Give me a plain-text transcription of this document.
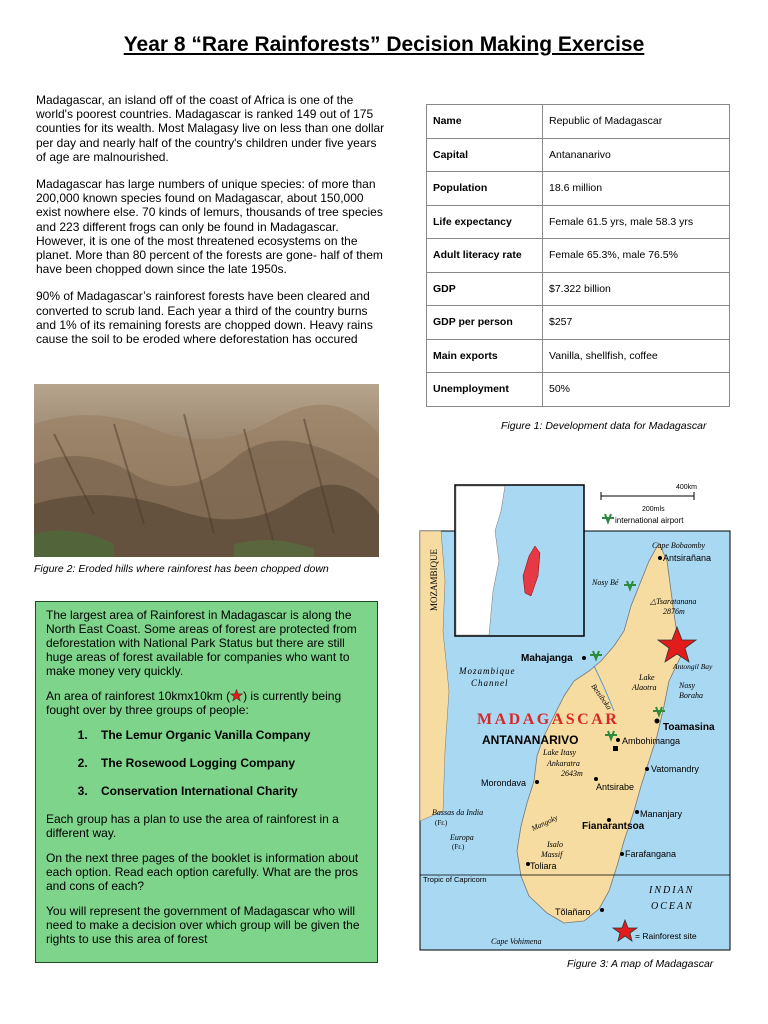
Year 8 “Rare Rainforests” Decision Making Exercise

Madagascar, an island off of the coast of Africa is one of the world's poorest countries. Madagascar is ranked 149 out of 175 counties for its wealth. Most Malagasy live on less than one dollar per day and nearly half of the country's children under five years of age are malnourished.

Madagascar has large numbers of unique species: of more than 200,000 known species found on Madagascar, about 150,000 exist nowhere else. 70 kinds of lemurs, thousands of tree species and 223 different frogs can only be found in Madagascar. However, it is one of the most threatened ecosystems on the planet. More than 80 percent of the forests are gone- half of them have been chopped down since the late 1950s.

90% of Madagascar’s rainforest forests have been cleared and converted to scrub land. Each year a third of the country burns and 1% of its remaining forests are chopped down. Heavy rains cause the soil to be eroded where deforestation has occured

Name	Republic of Madagascar
Capital	Antananarivo
Population	18.6 million
Life expectancy	Female 61.5 yrs, male 58.3 yrs
Adult literacy rate	Female 65.3%, male 76.5%
GDP	$7.322 billion
GDP per person	$257
Main exports	Vanilla, shellfish, coffee
Unemployment	50%
Figure 1: Development data for Madagascar
Figure 2: Eroded hills where rainforest has been chopped down

The largest area of Rainforest in Madagascar is along the North East Coast. Some areas of forest are protected from deforestation with National Park Status but there are still huge areas of forest available for companies who want to make money very quickly.

An area of rainforest 10kmx10km ( ) is currently being fought over by three groups of people:

1. The Lemur Organic Vanilla Company
2. The Rosewood Logging Company
3. Conservation International Charity

Each group has a plan to use the area of rainforest in a different way.

On the next three pages of the booklet is information about each option. Read each option carefully. What are the pros and cons of each?

You will represent the government of Madagascar who will need to make a decision over which group will be given the rights to use this area of forest

400km
200mls
international airport
MOZAMBIQUE
Mozambique
Channel
MADAGASCAR
ANTANANARIVO
INDIAN
OCEAN
Tropic of Capricorn
Cape Bobaomby
Antsirañana
Nosy Bé
△Tsaratanana
2876m
Mahajanga
Antongil Bay
Lake
Alaotra	Nosy
Boraha
Betsiboka
Toamasina
Ambohimanga
Lake Itasy
Ankaratra
2643m
Morondava	Antsirabe
Vatomandry
Bassas da India
(Fr.)
Europa
(Fr.)
Mangoky	Mananjary
Fianarantsoa
Isalo
Massif	Farafangana
Toliara
Tõlañaro
Cape Vohimena
= Rainforest site
Figure 3: A map of Madagascar
